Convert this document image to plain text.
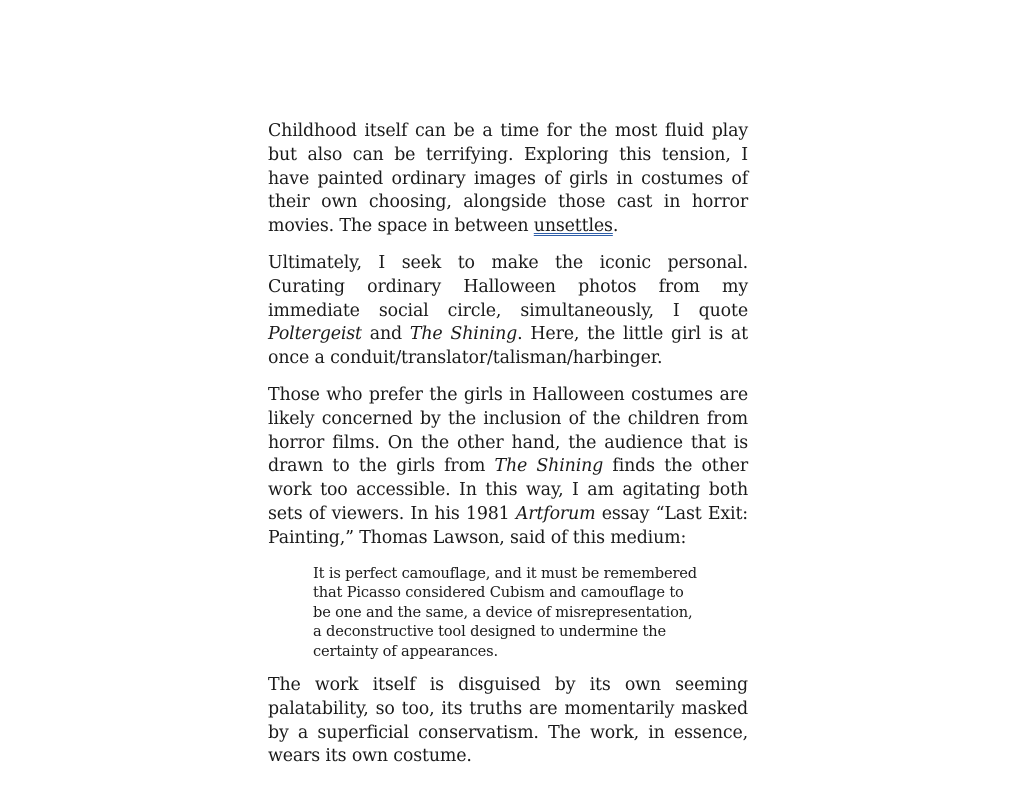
Childhood itself can be a time for the most fluid play but also can be terrifying. Exploring this tension, I have painted ordinary images of girls in costumes of their own choosing, alongside those cast in horror movies. The space in between unsettles.

Ultimately, I seek to make the iconic personal. Curating ordinary Halloween photos from my immediate social circle, simultaneously, I quote Poltergeist and The Shining. Here, the little girl is at once a conduit/translator/talisman/harbinger.

Those who prefer the girls in Halloween costumes are likely concerned by the inclusion of the children from horror films. On the other hand, the audience that is drawn to the girls from The Shining finds the other work too accessible. In this way, I am agitating both sets of viewers. In his 1981 Artforum essay “Last Exit: Painting,” Thomas Lawson, said of this medium:

It is perfect camouflage, and it must be remembered that Picasso considered Cubism and camouflage to be one and the same, a device of misrepresentation, a deconstructive tool designed to undermine the certainty of appearances.

The work itself is disguised by its own seeming palatability, so too, its truths are momentarily masked by a superficial conservatism. The work, in essence, wears its own costume.
